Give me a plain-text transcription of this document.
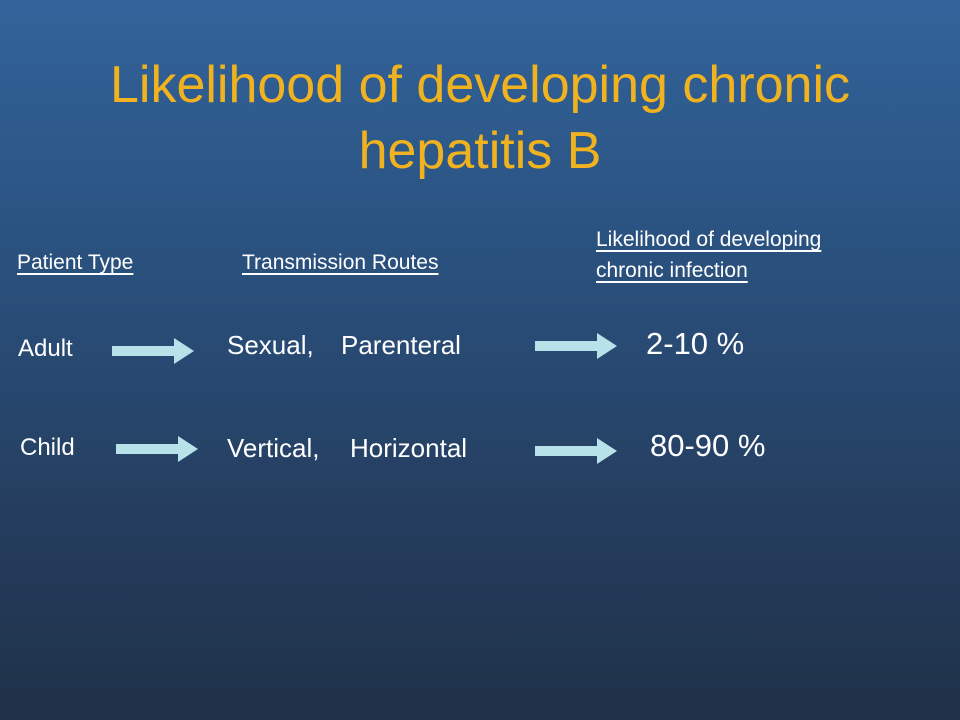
Likelihood of developing chronic
hepatitis B
Patient Type	Transmission Routes
Likelihood of developing
chronic infection
Adult	Sexual, Parenteral	2-10 %
Child	Vertical, Horizontal	80-90 %
